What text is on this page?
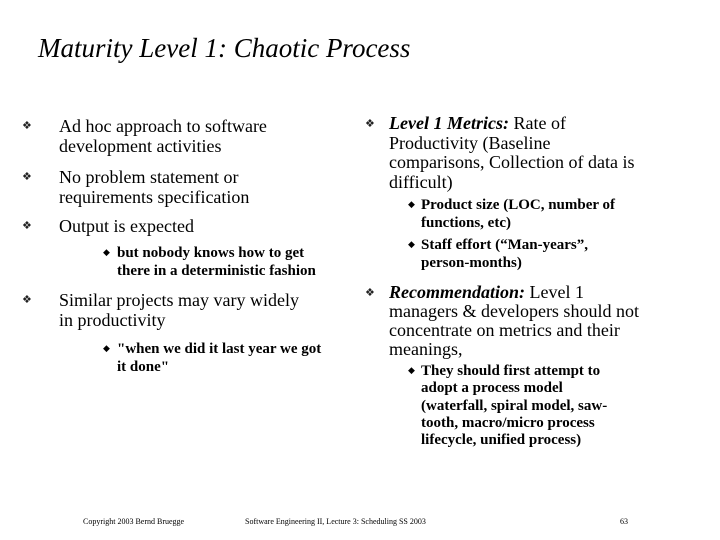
Maturity Level 1: Chaotic Process
❖ Ad hoc approach to software
development activities
❖ No problem statement or
requirements specification
❖ Output is expected
◆ but nobody knows how to get
there in a deterministic fashion
❖ Similar projects may vary widely
in productivity
◆ "when we did it last year we got
it done"
❖ Level 1 Metrics: Rate of
Productivity (Baseline
comparisons, Collection of data is
difficult)
◆ Product size (LOC, number of
functions, etc)
◆ Staff effort (“Man-years”,
person-months)
❖ Recommendation: Level 1
managers & developers should not
concentrate on metrics and their
meanings,
◆ They should first attempt to
adopt a process model
(waterfall, spiral model, saw-
tooth, macro/micro process
lifecycle, unified process)
Copyright 2003 Bernd Bruegge	Software Engineering II, Lecture 3: Scheduling SS 2003	63
